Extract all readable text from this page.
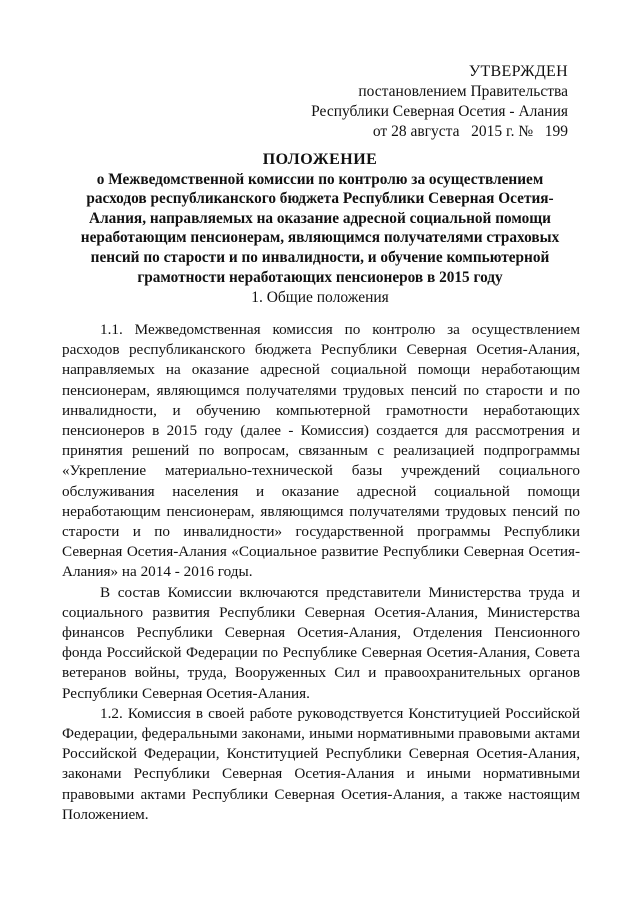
УТВЕРЖДЕН
постановлением Правительства
Республики Северная Осетия - Алания
от 28 августа   2015 г. №   199
ПОЛОЖЕНИЕ
о Межведомственной комиссии по контролю за осуществлением
расходов республиканского бюджета Республики Северная Осетия-
Алания, направляемых на оказание адресной социальной помощи
неработающим пенсионерам, являющимся получателями страховых
пенсий по старости и по инвалидности, и обучение компьютерной
грамотности неработающих пенсионеров в 2015 году
1. Общие положения

1.1. Межведомственная комиссия по контролю за осуществлением расходов республиканского бюджета Республики Северная Осетия-Алания, направляемых на оказание адресной социальной помощи неработающим пенсионерам, являющимся получателями трудовых пенсий по старости и по инвалидности, и обучению компьютерной грамотности неработающих пенсионеров в 2015 году (далее - Комиссия) создается для рассмотрения и принятия решений по вопросам, связанным с реализацией подпрограммы «Укрепление материально-технической базы учреждений социального обслуживания населения и оказание адресной социальной помощи неработающим пенсионерам, являющимся получателями трудовых пенсий по старости и по инвалидности» государственной программы Республики Северная Осетия-Алания «Социальное развитие Республики Северная Осетия-Алания» на 2014 - 2016 годы.

В состав Комиссии включаются представители Министерства труда и социального развития Республики Северная Осетия-Алания, Министерства финансов Республики Северная Осетия-Алания, Отделения Пенсионного фонда Российской Федерации по Республике Северная Осетия-Алания, Совета ветеранов войны, труда, Вооруженных Сил и правоохранительных органов Республики Северная Осетия-Алания.

1.2. Комиссия в своей работе руководствуется Конституцией Российской Федерации, федеральными законами, иными нормативными правовыми актами Российской Федерации, Конституцией Республики Северная Осетия-Алания, законами Республики Северная Осетия-Алания и иными нормативными правовыми актами Республики Северная Осетия-Алания, а также настоящим Положением.
